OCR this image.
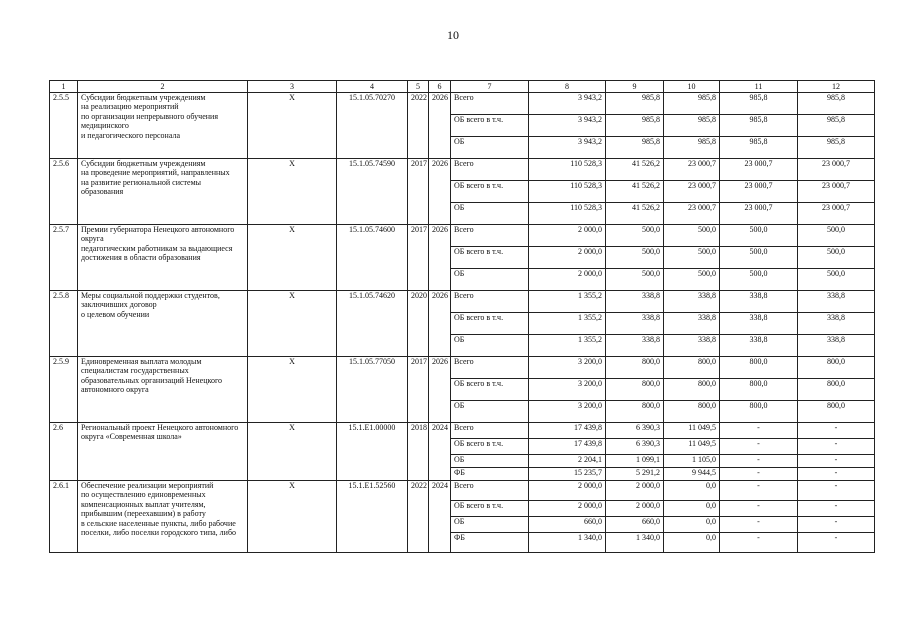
10
1	2	3	4	5	6	7	8	9	10	11	12
2.5.5	Субсидии бюджетным учреждениям
на реализацию мероприятий
по организации непрерывного обучения медицинского
и педагогического персонала	X	15.1.05.70270	2022	2026	Всего	3 943,2	985,8	985,8	985,8	985,8
						ОБ всего в т.ч.	3 943,2	985,8	985,8	985,8	985,8
						ОБ	3 943,2	985,8	985,8	985,8	985,8
2.5.6	Субсидии бюджетным учреждениям
на проведение мероприятий, направленных
на развитие региональной системы образования	X	15.1.05.74590	2017	2026	Всего	110 528,3	41 526,2	23 000,7	23 000,7	23 000,7
						ОБ всего в т.ч.	110 528,3	41 526,2	23 000,7	23 000,7	23 000,7
						ОБ	110 528,3	41 526,2	23 000,7	23 000,7	23 000,7
2.5.7	Премии губернатора Ненецкого автономного округа
педагогическим работникам за выдающиеся достижения в области образования	X	15.1.05.74600	2017	2026	Всего	2 000,0	500,0	500,0	500,0	500,0
						ОБ всего в т.ч.	2 000,0	500,0	500,0	500,0	500,0
						ОБ	2 000,0	500,0	500,0	500,0	500,0
2.5.8	Меры социальной поддержки студентов, заключивших договор
о целевом обучении	X	15.1.05.74620	2020	2026	Всего	1 355,2	338,8	338,8	338,8	338,8
						ОБ всего в т.ч.	1 355,2	338,8	338,8	338,8	338,8
						ОБ	1 355,2	338,8	338,8	338,8	338,8
2.5.9	Единовременная выплата молодым специалистам государственных образовательных организаций Ненецкого автономного округа	X	15.1.05.77050	2017	2026	Всего	3 200,0	800,0	800,0	800,0	800,0
						ОБ всего в т.ч.	3 200,0	800,0	800,0	800,0	800,0
						ОБ	3 200,0	800,0	800,0	800,0	800,0
2.6	Региональный проект Ненецкого автономного округа «Современная школа»	X	15.1.Е1.00000	2018	2024	Всего	17 439,8	6 390,3	11 049,5	-	-
						ОБ всего в т.ч.	17 439,8	6 390,3	11 049,5	-	-
						ОБ	2 204,1	1 099,1	1 105,0	-	-
						ФБ	15 235,7	5 291,2	9 944,5	-	-
2.6.1	Обеспечение реализации мероприятий
по осуществлению единовременных компенсационных выплат учителям, прибывшим (переехавшим) в работу
в сельские населенные пункты, либо рабочие поселки, либо поселки городского типа, либо	X	15.1.Е1.52560	2022	2024	Всего	2 000,0	2 000,0	0,0	-	-
						ОБ всего в т.ч.	2 000,0	2 000,0	0,0	-	-
						ОБ	660,0	660,0	0,0	-	-
						ФБ	1 340,0	1 340,0	0,0	-	-
